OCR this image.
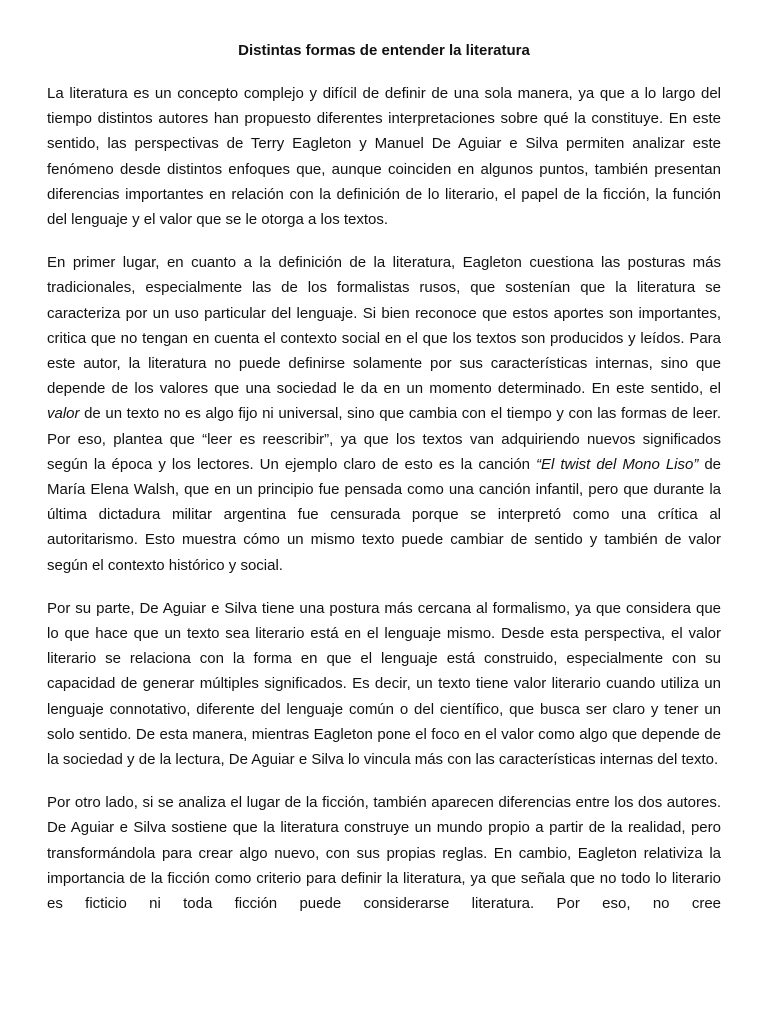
Distintas formas de entender la literatura

La literatura es un concepto complejo y difícil de definir de una sola manera, ya que a lo largo del tiempo distintos autores han propuesto diferentes interpretaciones sobre qué la constituye. En este sentido, las perspectivas de Terry Eagleton y Manuel De Aguiar e Silva permiten analizar este fenómeno desde distintos enfoques que, aunque coinciden en algunos puntos, también presentan diferencias importantes en relación con la definición de lo literario, el papel de la ficción, la función del lenguaje y el valor que se le otorga a los textos.

En primer lugar, en cuanto a la definición de la literatura, Eagleton cuestiona las posturas más tradicionales, especialmente las de los formalistas rusos, que sostenían que la literatura se caracteriza por un uso particular del lenguaje. Si bien reconoce que estos aportes son importantes, critica que no tengan en cuenta el contexto social en el que los textos son producidos y leídos. Para este autor, la literatura no puede definirse solamente por sus características internas, sino que depende de los valores que una sociedad le da en un momento determinado. En este sentido, el valor de un texto no es algo fijo ni universal, sino que cambia con el tiempo y con las formas de leer. Por eso, plantea que “leer es reescribir”, ya que los textos van adquiriendo nuevos significados según la época y los lectores. Un ejemplo claro de esto es la canción “El twist del Mono Liso” de María Elena Walsh, que en un principio fue pensada como una canción infantil, pero que durante la última dictadura militar argentina fue censurada porque se interpretó como una crítica al autoritarismo. Esto muestra cómo un mismo texto puede cambiar de sentido y también de valor según el contexto histórico y social.

Por su parte, De Aguiar e Silva tiene una postura más cercana al formalismo, ya que considera que lo que hace que un texto sea literario está en el lenguaje mismo. Desde esta perspectiva, el valor literario se relaciona con la forma en que el lenguaje está construido, especialmente con su capacidad de generar múltiples significados. Es decir, un texto tiene valor literario cuando utiliza un lenguaje connotativo, diferente del lenguaje común o del científico, que busca ser claro y tener un solo sentido. De esta manera, mientras Eagleton pone el foco en el valor como algo que depende de la sociedad y de la lectura, De Aguiar e Silva lo vincula más con las características internas del texto.

Por otro lado, si se analiza el lugar de la ficción, también aparecen diferencias entre los dos autores. De Aguiar e Silva sostiene que la literatura construye un mundo propio a partir de la realidad, pero transformándola para crear algo nuevo, con sus propias reglas. En cambio, Eagleton relativiza la importancia de la ficción como criterio para definir la literatura, ya que señala que no todo lo literario es ficticio ni toda ficción puede considerarse literatura. Por eso, no cree
